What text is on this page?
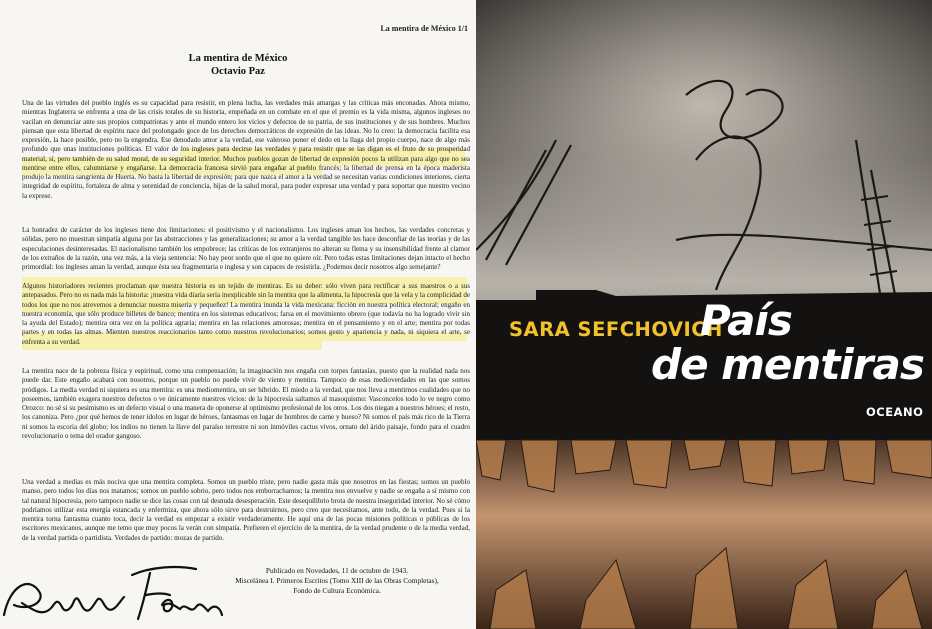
La mentira de México 1/1
La mentira de México
Octavio Paz

Una de las virtudes del pueblo inglés es su capacidad para resistir, en plena lucha, las verdades más amargas y las críticas más enconadas. Ahora mismo, mientras Inglaterra se enfrenta a una de las crisis totales de su historia, empeñada en un combate en el que el premio es la vida misma, algunos ingleses no vacilan en denunciar ante sus propios compatriotas y ante el mundo entero los vicios y defectos de su patria, de sus instituciones y de sus hombres. Muchos piensan que esta libertad de espíritu nace del prolongado goce de los derechos democráticos de expresión de las ideas. No lo creo: la democracia facilita esa expresión, la hace posible, pero no la engendra. Ese denodado amor a la verdad, ese valeroso poner el dedo en la llaga del propio cuerpo, nace de algo más profundo que unas instituciones políticas. El valor de los ingleses para decirse las verdades y para resistir que se las digan es el fruto de su prosperidad material, sí, pero también de su salud moral, de su seguridad interior. Muchos pueblos gozan de libertad de expresión pocos la utilizan para algo que no sea mentirse entre ellos, calumniarse y engañarse. La democracia francesa sirvió para engañar al pueblo francés; la libertad de prensa en la época maderista produjo la mentira sangrienta de Huerta. No basta la libertad de expresión; para que nazca el amor a la verdad se necesitan varias condiciones interiores, cierta integridad de espíritu, fortaleza de alma y serenidad de conciencia, hijas de la salud moral, para poder expresar una verdad y para soportar que nuestro vecino la exprese.

La honradez de carácter de los ingleses tiene dos limitaciones: el positivismo y el nacionalismo. Los ingleses aman los hechos, las verdades concretas y sólidas, pero no muestran simpatía alguna por las abstracciones y las generalizaciones; su amor a la verdad tangible les hace desconfiar de las teorías y de las especulaciones desinteresadas. El nacionalismo también los empobrece; las críticas de los extranjeros no alteran su flema y su insensibilidad frente al clamor de los extraños de la razón, una vez más, a la vieja sentencia: No hay peor sordo que el que no quiere oír. Pero todas estas limitaciones dejan intacto el hecho primordial: los ingleses aman la verdad, aunque ésta sea fragmentaria e inglesa y son capaces de resistirla. ¿Podemos decir nosotros algo semejante?

Algunos historiadores recientes proclaman que nuestra historia es un tejido de mentiras. Es su deber: sólo viven para rectificar a sus maestros o a sus antepasados. Pero no es nada más la historia: ¡nuestra vida diaria sería inexplicable sin la mentira que la alimenta, la hipocresía que la vela y la complicidad de todos los que no nos atrevemos a denunciar nuestra miseria y pequeñez! La mentira inunda la vida mexicana: ficción en nuestra política electoral; engaño en nuestra economía, que sólo produce billetes de banco; mentira en los sistemas educativos; farsa en el movimiento obrero (que todavía no ha logrado vivir sin la ayuda del Estado); mentira otra vez en la política agraria; mentira en las relaciones amorosas; mentira en el pensamiento y en el arte; mentira por todas partes y en todas las almas. Mienten nuestros reaccionarios tanto como nuestros revolucionarios; somos gesto y apariencia y nada, ni siquiera el arte, se enfrenta a su verdad.

La mentira nace de la pobreza física y espiritual, como una compensación; la imaginación nos engaña con torpes fantasías, puesto que la realidad nada nos puede dar. Este engaño acabará con nosotros, porque un pueblo no puede vivir de viento y mentira. Tampoco de esas medioverdades en las que somos pródigos. La media verdad ni siquiera es una mentira: es una mediomentira, un ser híbrido. El miedo a la verdad, que nos lleva a mentirnos cualidades que no poseemos, también exagera nuestros defectos o ve únicamente nuestros vicios: de la hipocresía saltamos al masoquismo: Vasconcelos todo lo ve negro como Orozco: no sé si su pesimismo es un defecto visual o una manera de oponerse al optimismo profesional de los otros. Los dos niegan a nuestros héroes; el resto, los canoniza. Pero ¿por qué hemos de tener ídolos en lugar de héroes, fantasmas en lugar de hombres de carne y hueso? Ni somos el país más rico de la Tierra ni somos la escoria del globo; los indios no tienen la llave del paraíso terrestre ni son inmóviles cactus vivos, ornato del árido paisaje, fondo para el cuadro revolucionario o tema del orador gangoso.

Una verdad a medias es más nociva que una mentira completa. Somos un pueblo triste, pero nadie gasta más que nosotros en las fiestas; somos un pueblo manso, pero todos los días nos matamos; somos un pueblo sobrio, pero todos nos emborrachamos; la mentira nos envuelve y nadie se engaña a sí mismo con tal natural hipocresía, pero tampoco nadie se dice las cosas con tal desnuda desesperación. Este desequilibrio brota de nuestra inseguridad interior. No sé cómo podríamos utilizar esta energía estancada y enfermiza, que ahora sólo sirve para destruirnos, pero creo que necesitamos, ante todo, de la verdad. Pues si la mentira torna fantasma cuanto toca, decir la verdad es empezar a existir verdaderamente. He aquí una de las pocas misiones políticas o públicas de los escritores mexicanos, aunque me temo que muy pocos la verán con simpatía. Prefieren el ejercicio de la mentira, de la verdad prudente o de la media verdad, de la verdad partida o partidista. Verdades de partido: mozas de partido.

Publicado en Novedades, 11 de octubre de 1943.
Miscelánea I. Primeros Escritos (Tomo XIII de las Obras Completas),
Fondo de Cultura Económica.
SARA SEFCHOVICH
País
de mentiras
OCEANO
